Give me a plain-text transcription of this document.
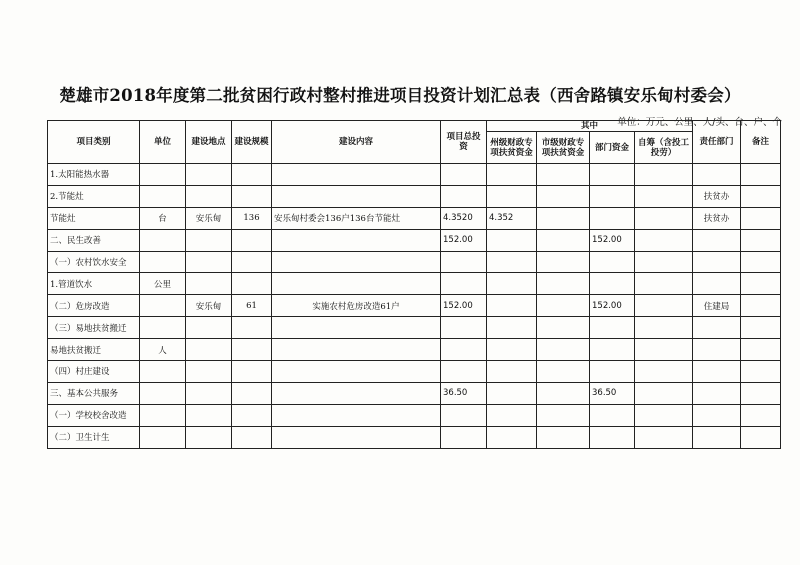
楚雄市2018年度第二批贫困行政村整村推进项目投资计划汇总表（西舍路镇安乐甸村委会）
单位：万元、公里、人/头、台、户、个
项目类别	单位	建设地点	建设规模	建设内容	项目总投资	其中				责任部门	备注
						州级财政专项扶贫资金	市级财政专项扶贫资金	部门资金	自筹（含投工投劳）		
1.太阳能热水器											
2.节能灶										扶贫办	
节能灶	台	安乐甸	136	安乐甸村委会136户136台节能灶	4.3520	4.352				扶贫办	
二、民生改善					152.00			152.00			
（一）农村饮水安全											
1.管道饮水	公里										
（二）危房改造		安乐甸	61	实施农村危房改造61户	152.00			152.00		住建局	
（三）易地扶贫搬迁											
易地扶贫搬迁	人										
（四）村庄建设											
三、基本公共服务					36.50			36.50			
（一）学校校舍改造											
（二）卫生计生											
